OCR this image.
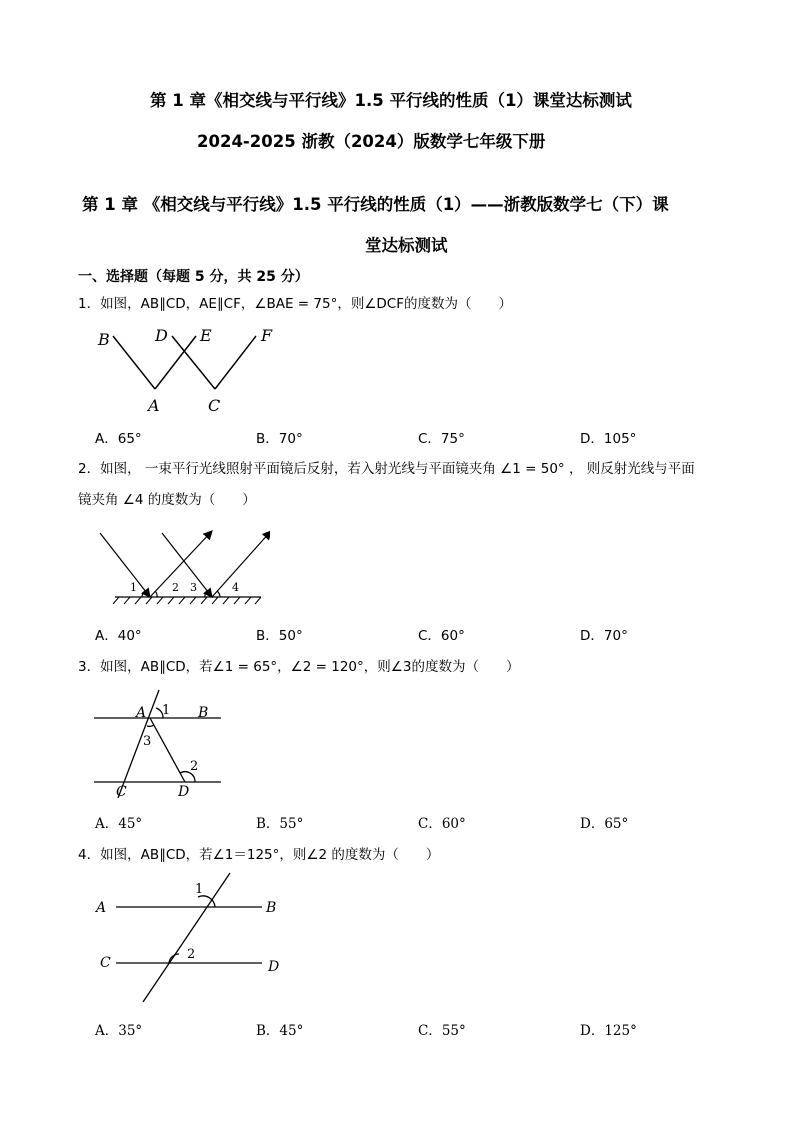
第 1 章《相交线与平行线》1.5 平行线的性质（1）课堂达标测试
2024-2025 浙教（2024）版数学七年级下册
第 1 章 《相交线与平行线》1.5 平行线的性质（1）——浙教版数学七（下）课
堂达标测试
一、选择题（每题 5 分，共 25 分）
1．如图，AB∥CD，AE∥CF，∠BAE = 75°，则∠DCF的度数为（　　）
B	D E	F
A	C
A．65°	B．70°	C．75°	D．105°
2．如图， 一束平行光线照射平面镜后反射，若入射光线与平面镜夹角 ∠1 = 50° ， 则反射光线与平面
镜夹角 ∠4 的度数为（　　）
1	2 3	4
A．40°	B．50°	C．60°	D．70°
3．如图，AB∥CD，若∠1 = 65°，∠2 = 120°，则∠3的度数为（　　）
A 1 B
3
2
C	D
A．45°	B．55°	C．60°	D．65°
4．如图，AB∥CD，若∠1＝125°，则∠2 的度数为（　　）
A	B
C	D
1
2
A．35°	B．45°	C．55°	D．125°
